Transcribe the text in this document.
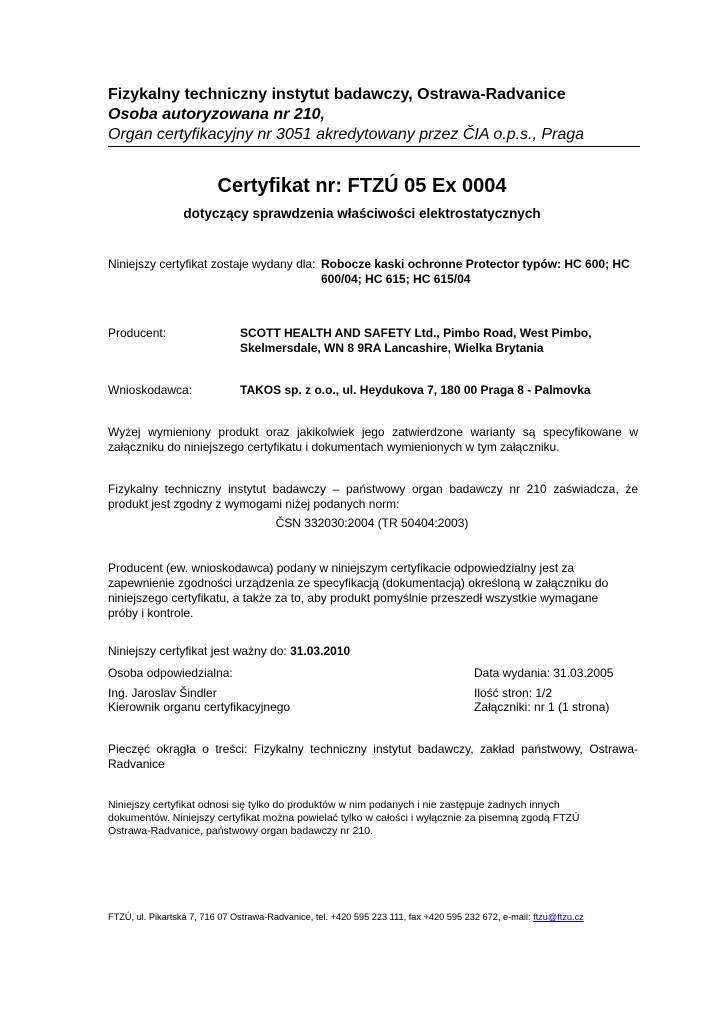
Fizykalny techniczny instytut badawczy, Ostrawa-Radvanice
Osoba autoryzowana nr 210,
Organ certyfikacyjny nr 3051 akredytowany przez ČIA o.p.s., Praga
Certyfikat nr: FTZÚ 05 Ex 0004
dotyczący sprawdzenia właściwości elektrostatycznych
Niniejszy certyfikat zostaje wydany dla: Robocze kaski ochronne Protector typów: HC 600; HC
600/04; HC 615; HC 615/04
Producent:	SCOTT HEALTH AND SAFETY Ltd., Pimbo Road, West Pimbo,
Skelmersdale, WN 8 9RA Lancashire, Wielka Brytania
Wnioskodawca:	TAKOS sp. z o.o., ul. Heydukova 7, 180 00 Praga 8 - Palmovka
Wyżej wymieniony produkt oraz jakikolwiek jego zatwierdzone warianty są specyfikowane w załączniku do niniejszego certyfikatu i dokumentach wymienionych w tym załączniku.
Fizykalny techniczny instytut badawczy – państwowy organ badawczy nr 210 zaświadcza, że produkt jest zgodny z wymogami niżej podanych norm:
ČSN 332030:2004 (TR 50404:2003)
Producent (ew. wnioskodawca) podany w niniejszym certyfikacie odpowiedzialny jest za
zapewnienie zgodności urządzenia ze specyfikacją (dokumentacją) określoną w załączniku do
niniejszego certyfikatu, a także za to, aby produkt pomyślnie przeszedł wszystkie wymagane
próby i kontrole.
Niniejszy certyfikat jest ważny do: 31.03.2010
Osoba odpowiedzialna:	Data wydania: 31.03.2005
Ing. Jaroslav Šindler	Ilość stron: 1/2
Kierownik organu certyfikacyjnego	Załączniki: nr 1 (1 strona)
Pieczęć okrągła o treści: Fizykalny techniczny instytut badawczy, zakład państwowy, Ostrawa-Radvanice
Niniejszy certyfikat odnosi się tylko do produktów w nim podanych i nie zastępuje żadnych innych
dokumentów. Niniejszy certyfikat można powielać tylko w całości i wyłącznie za pisemną zgodą FTZÚ
Ostrawa-Radvanice, państwowy organ badawczy nr 210.
FTZÚ, ul. Pikartská 7, 716 07 Ostrawa-Radvanice, tel. +420 595 223 111, fax +420 595 232 672, e-mail: ftzu@ftzu.cz
